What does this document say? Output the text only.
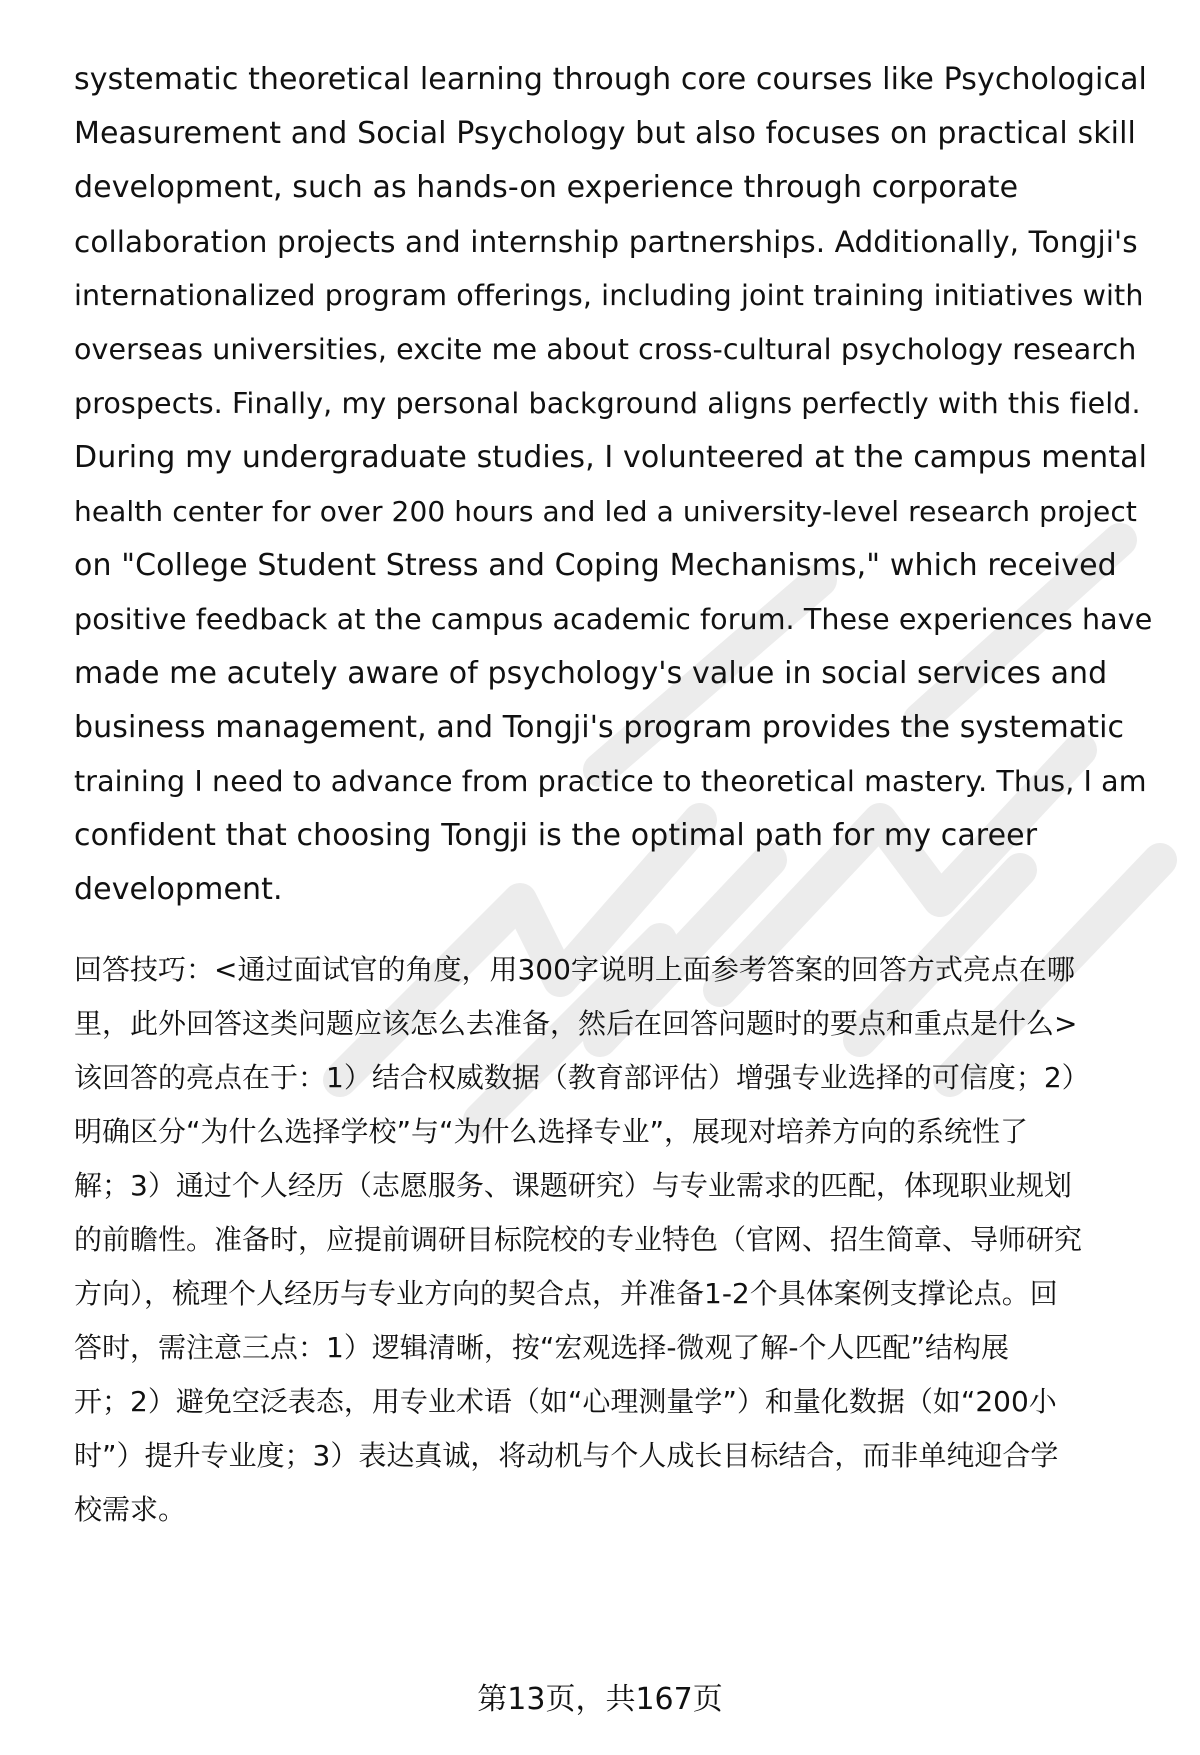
systematic theoretical learning through core courses like Psychological
Measurement and Social Psychology but also focuses on practical skill
development, such as hands-on experience through corporate
collaboration projects and internship partnerships. Additionally, Tongji's
internationalized program offerings, including joint training initiatives with
overseas universities, excite me about cross-cultural psychology research
prospects. Finally, my personal background aligns perfectly with this field.
During my undergraduate studies, I volunteered at the campus mental
health center for over 200 hours and led a university-level research project
on "College Student Stress and Coping Mechanisms," which received
positive feedback at the campus academic forum. These experiences have
made me acutely aware of psychology's value in social services and
business management, and Tongji's program provides the systematic
training I need to advance from practice to theoretical mastery. Thus, I am
confident that choosing Tongji is the optimal path for my career
development.
回答技巧：<通过面试官的角度，用300字说明上面参考答案的回答方式亮点在哪
里，此外回答这类问题应该怎么去准备，然后在回答问题时的要点和重点是什么>
该回答的亮点在于：1）结合权威数据（教育部评估）增强专业选择的可信度；2）
明确区分“为什么选择学校”与“为什么选择专业”，展现对培养方向的系统性了
解；3）通过个人经历（志愿服务、课题研究）与专业需求的匹配，体现职业规划
的前瞻性。准备时，应提前调研目标院校的专业特色（官网、招生简章、导师研究
方向），梳理个人经历与专业方向的契合点，并准备1-2个具体案例支撑论点。回
答时，需注意三点：1）逻辑清晰，按“宏观选择-微观了解-个人匹配”结构展
开；2）避免空泛表态，用专业术语（如“心理测量学”）和量化数据（如“200小
时”）提升专业度；3）表达真诚，将动机与个人成长目标结合，而非单纯迎合学
校需求。
第13页，共167页
